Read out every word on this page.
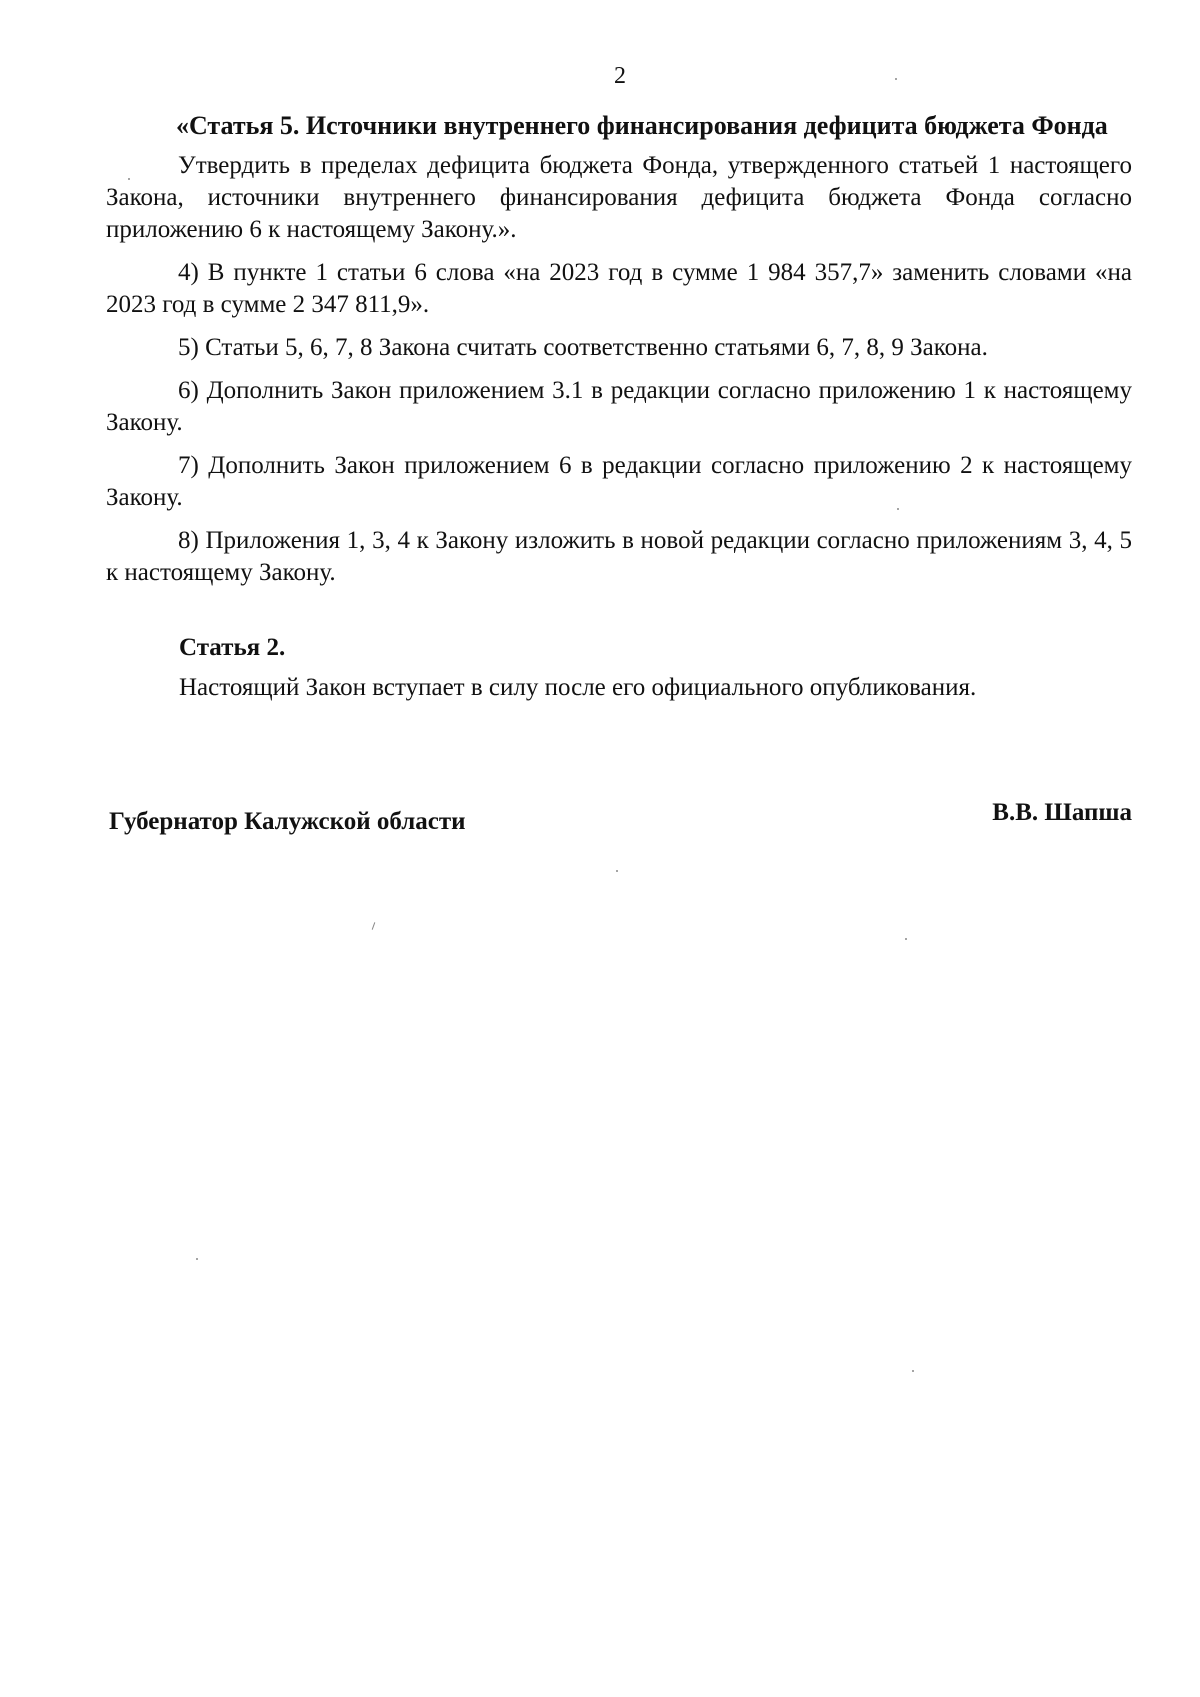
2

«Статья 5. Источники внутреннего финансирования дефицита бюджета Фонда

Утвердить в пределах дефицита бюджета Фонда, утвержденного статьей 1 настоящего Закона, источники внутреннего финансирования дефицита бюджета Фонда согласно приложению 6 к настоящему Закону.».

4) В пункте 1 статьи 6 слова «на 2023 год в сумме 1 984 357,7» заменить словами «на 2023 год в сумме 2 347 811,9».

5) Статьи 5, 6, 7, 8 Закона считать соответственно статьями 6, 7, 8, 9 Закона.

6) Дополнить Закон приложением 3.1 в редакции согласно приложению 1 к настоящему Закону.

7) Дополнить Закон приложением 6 в редакции согласно приложению 2 к настоящему Закону.

8) Приложения 1, 3, 4 к Закону изложить в новой редакции согласно приложениям 3, 4, 5 к настоящему Закону.

Статья 2.
Настоящий Закон вступает в силу после его официального опубликования.
Губернатор Калужской области	В.В. Шапша
